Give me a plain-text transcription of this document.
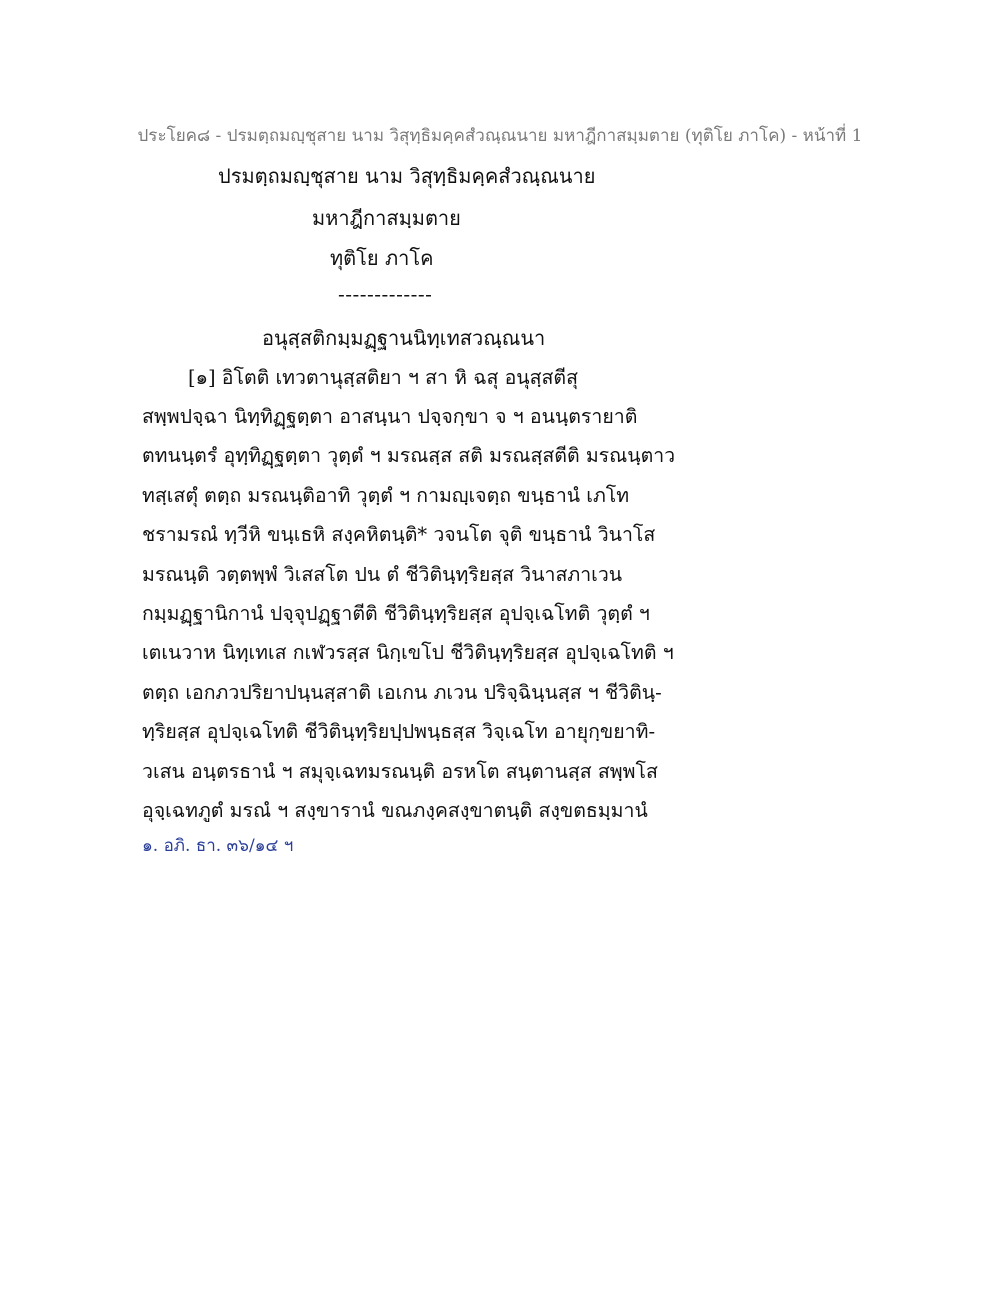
ประโยค๘ - ปรมตฺถมญฺชุสาย นาม วิสุทฺธิมคฺคสํวณฺณนาย มหาฎีกาสมฺมตาย (ทุติโย ภาโค) - หน้าที่ 1
ปรมตฺถมญฺชุสาย นาม วิสุทฺธิมคฺคสํวณฺณนาย
มหาฎีกาสมฺมตาย
ทุติโย ภาโค
-------------
อนุสฺสติกมฺมฏฺฐานนิทฺเทสวณฺณนา
[๑] อิโตติ เทวตานุสฺสติยา ฯ สา หิ ฉสุ อนุสฺสตีสุ
สพฺพปจฺฉา นิทฺทิฏฺฐตฺตา อาสนฺนา ปจฺจกฺขา จ ฯ อนนฺตรายาติ
ตทนนฺตรํ อุทฺทิฏฺฐตฺตา วุตฺตํ ฯ มรณสฺส สติ มรณสฺสตีติ มรณนฺตาว
ทสฺเสตุํ ตตฺถ มรณนฺติอาทิ วุตฺตํ ฯ กามญฺเจตฺถ ขนฺธานํ เภโท
ชรามรณํ ทฺวีหิ ขนฺเธหิ สงฺคหิตนฺติ* วจนโต จุติ ขนฺธานํ วินาโส
มรณนฺติ วตฺตพฺพํ วิเสสโต ปน ตํ ชีวิตินฺทฺริยสฺส วินาสภาเวน
กมฺมฏฺฐานิกานํ ปจฺจุปฏฺฐาตีติ ชีวิตินฺทฺริยสฺส อุปจฺเฉโทติ วุตฺตํ ฯ
เตเนวาห นิทฺเทเส กเฬวรสฺส นิกฺเขโป ชีวิตินฺทฺริยสฺส อุปจฺเฉโทติ ฯ
ตตฺถ เอกภวปริยาปนฺนสฺสาติ เอเกน ภเวน ปริจฺฉินฺนสฺส ฯ ชีวิตินฺ-
ทฺริยสฺส อุปจฺเฉโทติ ชีวิตินฺทฺริยปฺปพนฺธสฺส วิจฺเฉโท อายุกฺขยาทิ-
วเสน อนฺตรธานํ ฯ สมุจฺเฉทมรณนฺติ อรหโต สนฺตานสฺส สพฺพโส
อุจฺเฉทภูตํ มรณํ ฯ สงฺขารานํ ขณภงฺคสงฺขาตนฺติ สงฺขตธมฺมานํ
๑. อภิ. ธา. ๓๖/๑๔ ฯ
